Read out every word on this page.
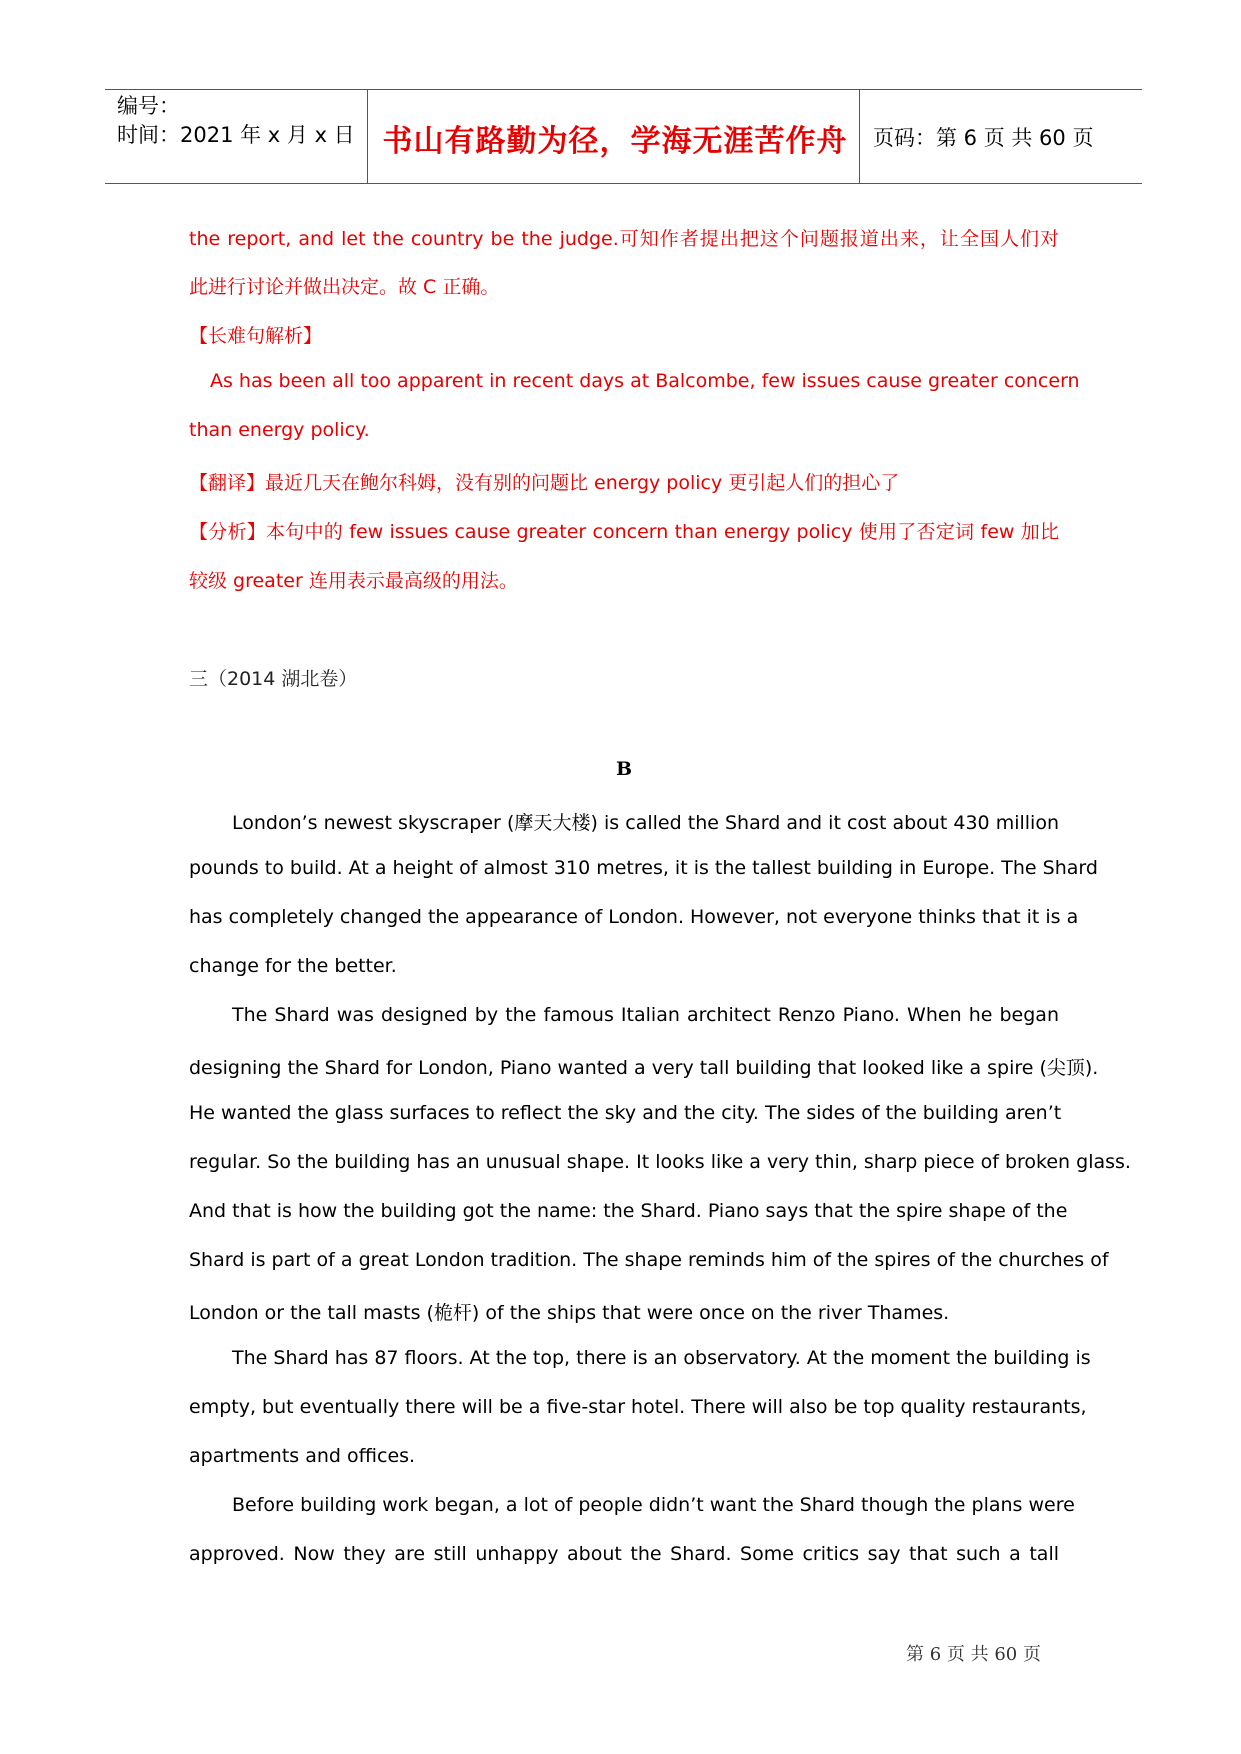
编号：
时间：2021 年 x 月 x 日 书山有路勤为径，学海无涯苦作舟	页码：第 6 页 共 60 页
the report, and let the country be the judge.可知作者提出把这个问题报道出来，让全国人们对
此进行讨论并做出决定。故 C 正确。
【长难句解析】
As has been all too apparent in recent days at Balcombe, few issues cause greater concern
than energy policy.
【翻译】最近几天在鲍尔科姆，没有别的问题比 energy policy 更引起人们的担心了
【分析】本句中的 few issues cause greater concern than energy policy 使用了否定词 few 加比
较级 greater 连用表示最高级的用法。
三（2014 湖北卷）
B
London’s newest skyscraper (摩天大楼) is called the Shard and it cost about 430 million
pounds to build. At a height of almost 310 metres, it is the tallest building in Europe. The Shard
has completely changed the appearance of London. However, not everyone thinks that it is a
change for the better.
The Shard was designed by the famous Italian architect Renzo Piano. When he began
designing the Shard for London, Piano wanted a very tall building that looked like a spire (尖顶).
He wanted the glass surfaces to reflect the sky and the city. The sides of the building aren’t
regular. So the building has an unusual shape. It looks like a very thin, sharp piece of broken glass.
And that is how the building got the name: the Shard. Piano says that the spire shape of the
Shard is part of a great London tradition. The shape reminds him of the spires of the churches of
London or the tall masts (桅杆) of the ships that were once on the river Thames.
The Shard has 87 floors. At the top, there is an observatory. At the moment the building is
empty, but eventually there will be a five-star hotel. There will also be top quality restaurants,
apartments and offices.
Before building work began, a lot of people didn’t want the Shard though the plans were
approved. Now they are still unhappy about the Shard. Some critics say that such a tall
第 6 页 共 60 页
